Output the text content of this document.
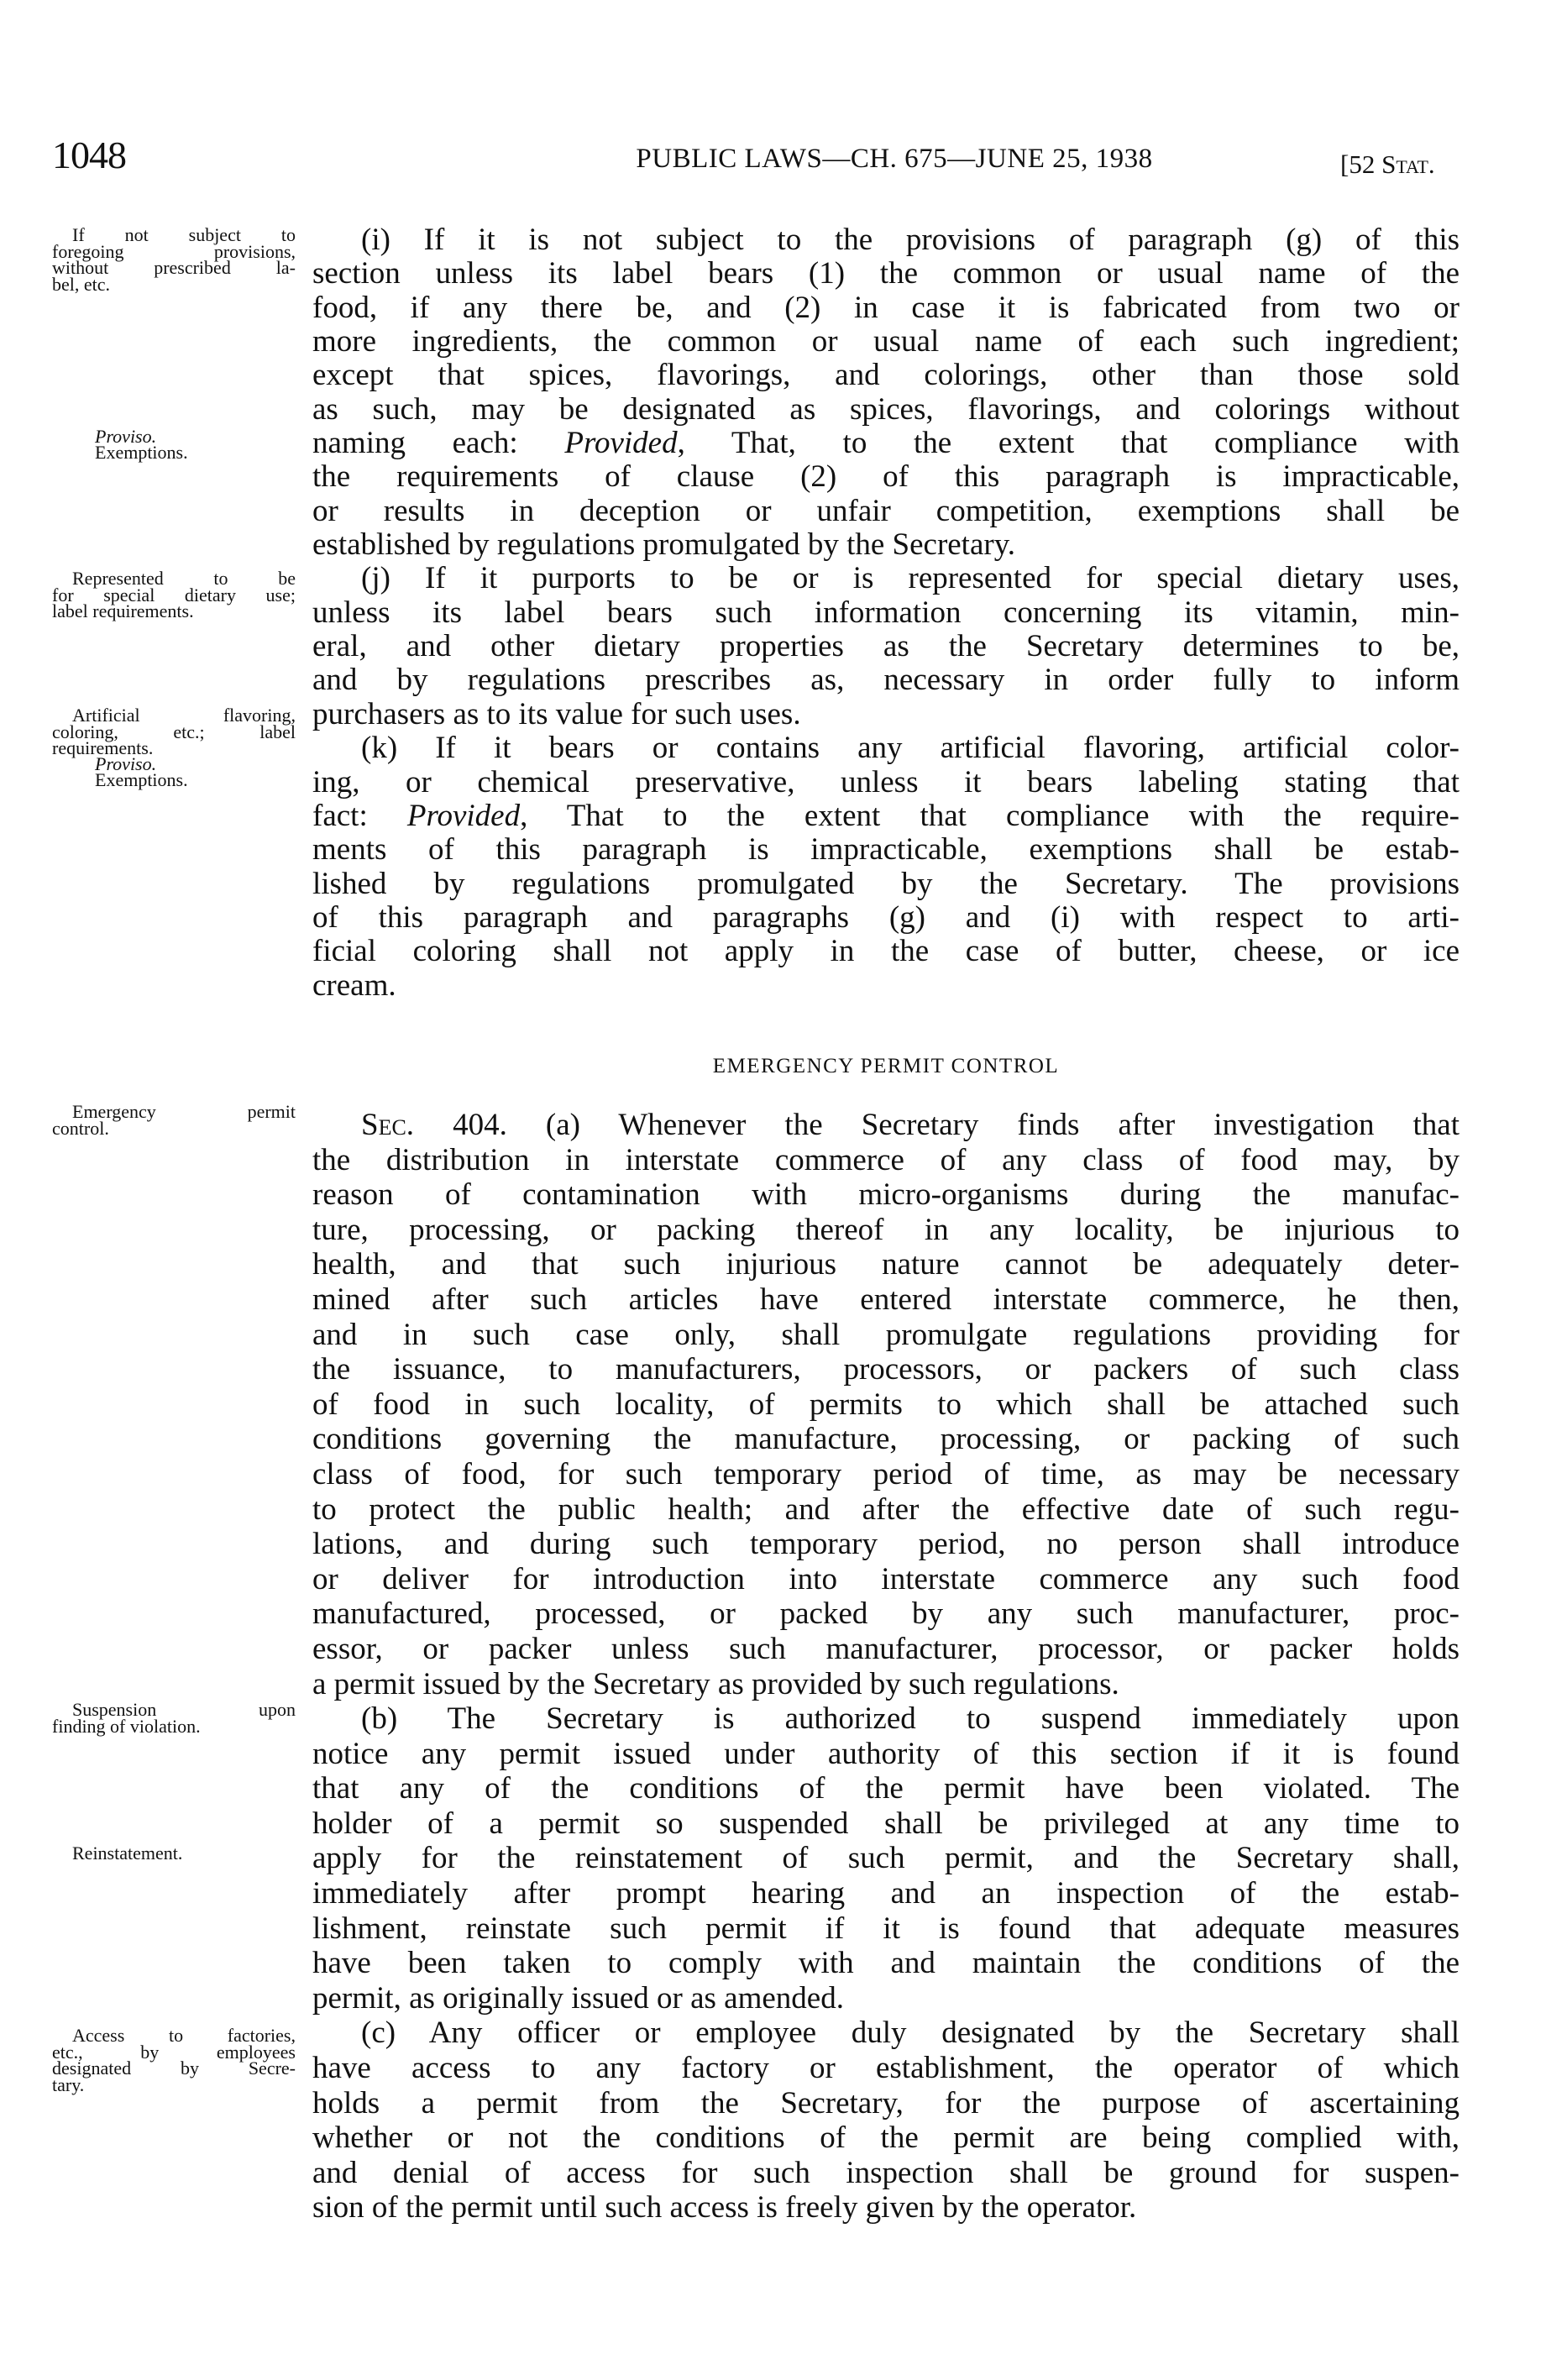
1048	PUBLIC LAWS—CH. 675—JUNE 25, 1938	[52 Stat.
If not subject to
foregoing provisions,
without prescribed la-
bel, etc.
Proviso.
Exemptions.
Represented to be
for special dietary use;
label requirements.
Artificial flavoring,
coloring, etc.; label
requirements.
Proviso.
Exemptions.
Emergency permit
control.
Suspension upon
finding of violation.
Reinstatement.
Access to factories,
etc., by employees
designated by Secre-
tary.
(i) If it is not subject to the provisions of paragraph (g) of this
section unless its label bears (1) the common or usual name of the
food, if any there be, and (2) in case it is fabricated from two or
more ingredients, the common or usual name of each such ingredient;
except that spices, flavorings, and colorings, other than those sold
as such, may be designated as spices, flavorings, and colorings without
naming each: Provided, That, to the extent that compliance with
the requirements of clause (2) of this paragraph is impracticable,
or results in deception or unfair competition, exemptions shall be
established by regulations promulgated by the Secretary.
(j) If it purports to be or is represented for special dietary uses,
unless its label bears such information concerning its vitamin, min-
eral, and other dietary properties as the Secretary determines to be,
and by regulations prescribes as, necessary in order fully to inform
purchasers as to its value for such uses.
(k) If it bears or contains any artificial flavoring, artificial color-
ing, or chemical preservative, unless it bears labeling stating that
fact: Provided, That to the extent that compliance with the require-
ments of this paragraph is impracticable, exemptions shall be estab-
lished by regulations promulgated by the Secretary. The provisions
of this paragraph and paragraphs (g) and (i) with respect to arti-
ficial coloring shall not apply in the case of butter, cheese, or ice
cream.
EMERGENCY PERMIT CONTROL
Sec. 404. (a) Whenever the Secretary finds after investigation that
the distribution in interstate commerce of any class of food may, by
reason of contamination with micro-organisms during the manufac-
ture, processing, or packing thereof in any locality, be injurious to
health, and that such injurious nature cannot be adequately deter-
mined after such articles have entered interstate commerce, he then,
and in such case only, shall promulgate regulations providing for
the issuance, to manufacturers, processors, or packers of such class
of food in such locality, of permits to which shall be attached such
conditions governing the manufacture, processing, or packing of such
class of food, for such temporary period of time, as may be necessary
to protect the public health; and after the effective date of such regu-
lations, and during such temporary period, no person shall introduce
or deliver for introduction into interstate commerce any such food
manufactured, processed, or packed by any such manufacturer, proc-
essor, or packer unless such manufacturer, processor, or packer holds
a permit issued by the Secretary as provided by such regulations.
(b) The Secretary is authorized to suspend immediately upon
notice any permit issued under authority of this section if it is found
that any of the conditions of the permit have been violated. The
holder of a permit so suspended shall be privileged at any time to
apply for the reinstatement of such permit, and the Secretary shall,
immediately after prompt hearing and an inspection of the estab-
lishment, reinstate such permit if it is found that adequate measures
have been taken to comply with and maintain the conditions of the
permit, as originally issued or as amended.
(c) Any officer or employee duly designated by the Secretary shall
have access to any factory or establishment, the operator of which
holds a permit from the Secretary, for the purpose of ascertaining
whether or not the conditions of the permit are being complied with,
and denial of access for such inspection shall be ground for suspen-
sion of the permit until such access is freely given by the operator.
